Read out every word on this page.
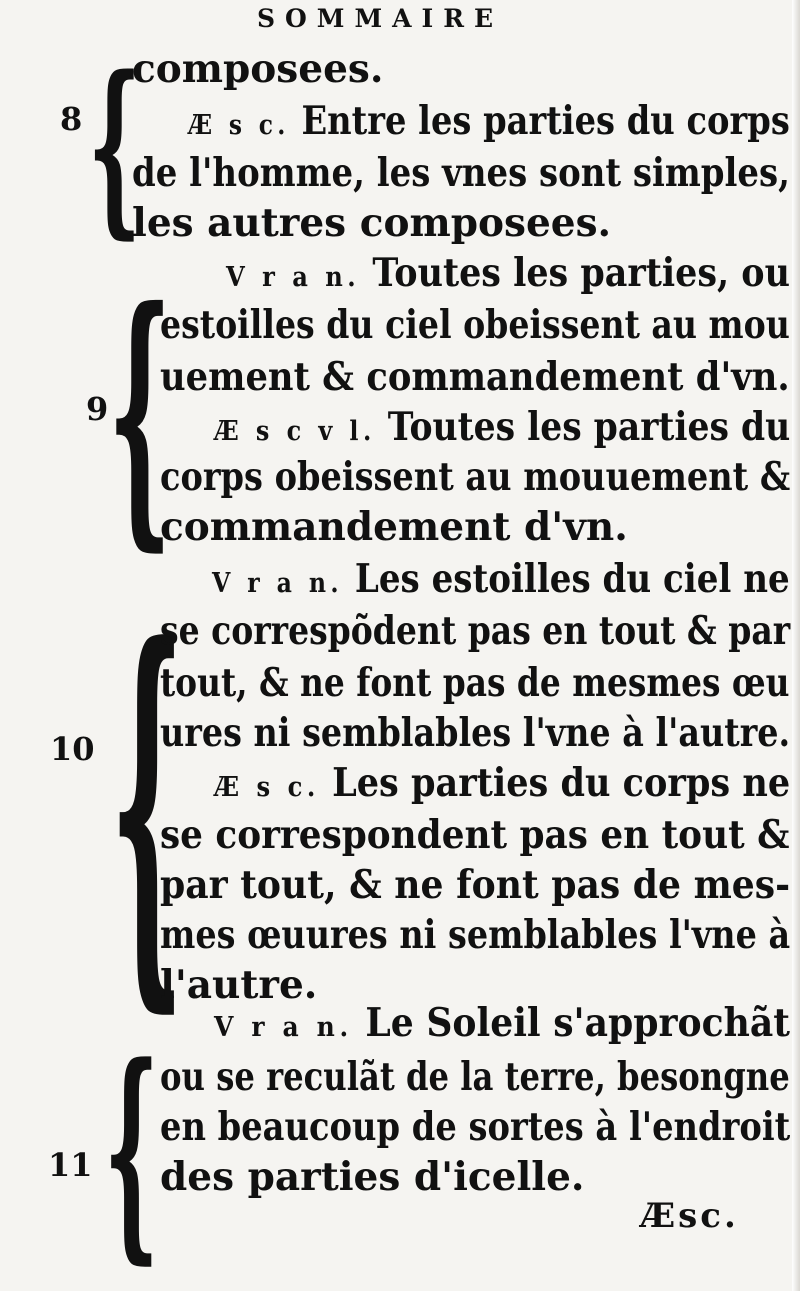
SOMMAIRE
{
8
composees.
Æ s c. Entre les parties du corps
de l'homme, les vnes sont simples,
les autres composees.
{
9
V r a n. Toutes les parties, ou
estoilles du ciel obeissent au mou
uement & commandement d'vn.
Æ s c v l. Toutes les parties du
corps obeissent au mouuement &
commandement d'vn.
{
10
V r a n. Les estoilles du ciel ne
se correspõdent pas en tout & par
tout, & ne font pas de mesmes œu
ures ni semblables l'vne à l'autre.
Æ s c. Les parties du corps ne
se correspondent pas en tout &
par tout, & ne font pas de mes-
mes œuures ni semblables l'vne à
l'autre.
{
11
V r a n. Le Soleil s'approchãt
ou se reculãt de la terre, besongne
en beaucoup de sortes à l'endroit
des parties d'icelle.
Æsc.
